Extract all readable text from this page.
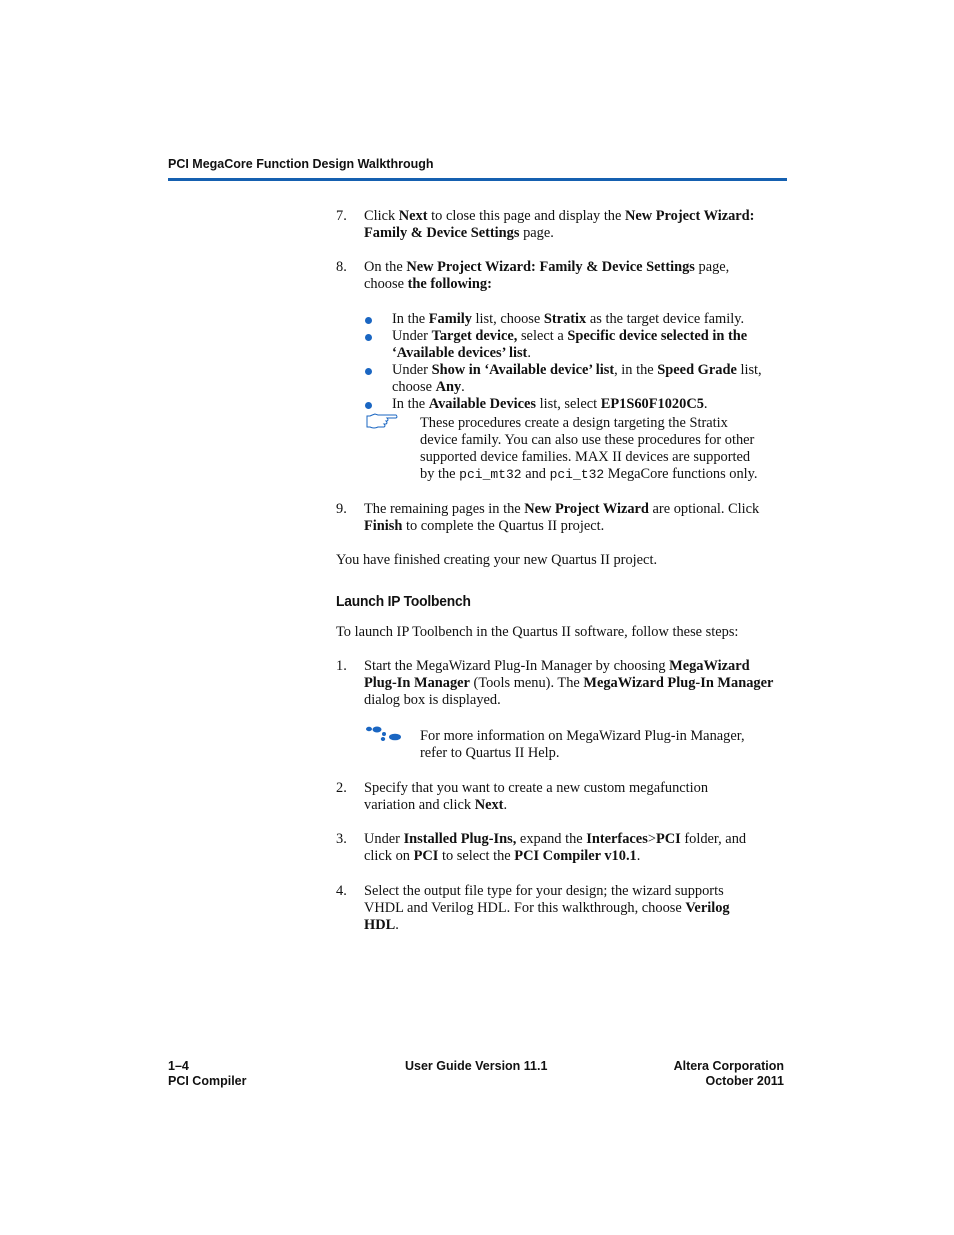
PCI MegaCore Function Design Walkthrough
7. Click Next to close this page and display the New Project Wizard:
Family & Device Settings page.
8. On the New Project Wizard: Family & Device Settings page,
choose the following:
In the Family list, choose Stratix as the target device family.
Under Target device, select a Specific device selected in the
‘Available devices’ list.
Under Show in ‘Available device’ list, in the Speed Grade list,
choose Any.
In the Available Devices list, select EP1S60F1020C5.
These procedures create a design targeting the Stratix
device family. You can also use these procedures for other
supported device families. MAX II devices are supported
by the pci_mt32 and pci_t32 MegaCore functions only.
9. The remaining pages in the New Project Wizard are optional. Click
Finish to complete the Quartus II project.
You have finished creating your new Quartus II project.
Launch IP Toolbench
To launch IP Toolbench in the Quartus II software, follow these steps:
1. Start the MegaWizard Plug-In Manager by choosing MegaWizard
Plug-In Manager (Tools menu). The MegaWizard Plug-In Manager
dialog box is displayed.
For more information on MegaWizard Plug-in Manager,
refer to Quartus II Help.
2. Specify that you want to create a new custom megafunction
variation and click Next.
3. Under Installed Plug-Ins, expand the Interfaces>PCI folder, and
click on PCI to select the PCI Compiler v10.1.
4. Select the output file type for your design; the wizard supports
VHDL and Verilog HDL. For this walkthrough, choose Verilog
HDL.
1–4
PCI Compiler
User Guide Version 11.1	Altera Corporation
October 2011
